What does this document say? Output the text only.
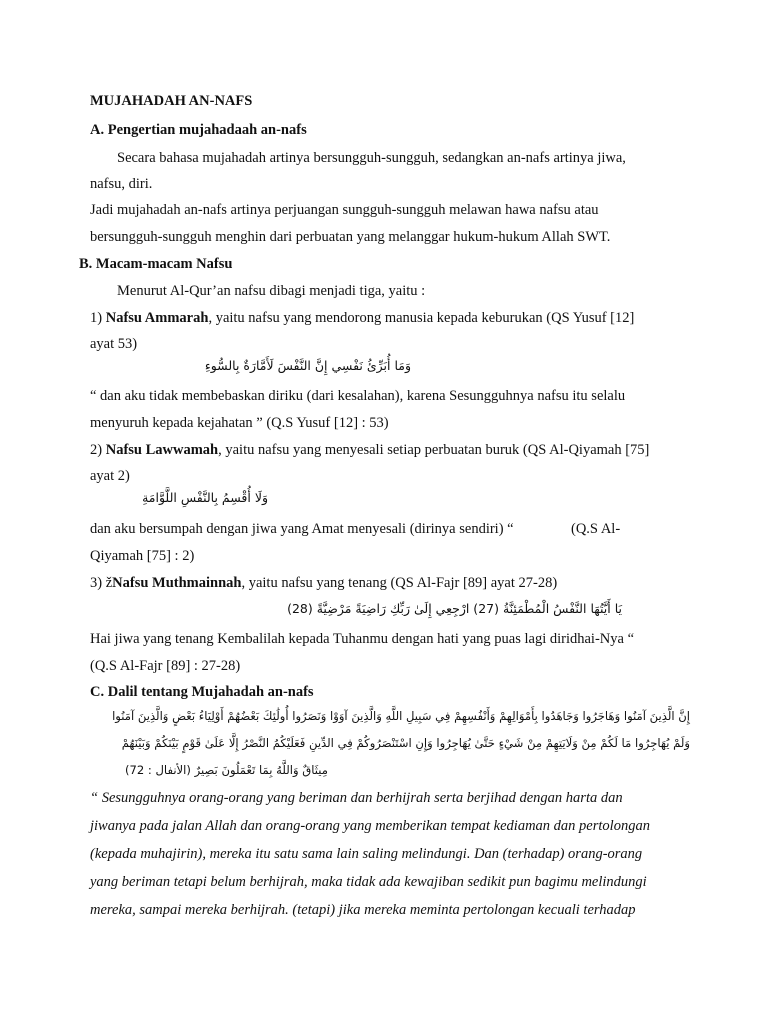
MUJAHADAH AN-NAFS
A. Pengertian mujahadaah an-nafs
Secara bahasa mujahadah artinya bersungguh-sungguh, sedangkan an-nafs artinya jiwa,
nafsu, diri.
Jadi mujahadah an-nafs artinya perjuangan sungguh-sungguh melawan hawa nafsu atau
bersungguh-sungguh menghin dari perbuatan yang melanggar hukum-hukum Allah SWT.
B. Macam-macam Nafsu
Menurut Al-Qur’an nafsu dibagi menjadi tiga, yaitu :
1) Nafsu Ammarah, yaitu nafsu yang mendorong manusia kepada keburukan (QS Yusuf [12]
ayat 53)
وَمَا أُبَرِّئُ نَفْسِي إِنَّ النَّفْسَ لَأَمَّارَةٌ بِالسُّوءِ
“ dan aku tidak membebaskan diriku (dari kesalahan), karena Sesungguhnya nafsu itu selalu
menyuruh kepada kejahatan ” (Q.S Yusuf [12] : 53)
2) Nafsu Lawwamah, yaitu nafsu yang menyesali setiap perbuatan buruk (QS Al-Qiyamah [75]
ayat 2)
وَلَا أُقْسِمُ بِالنَّفْسِ اللَّوَّامَةِ
dan aku bersumpah dengan jiwa yang Amat menyesali (dirinya sendiri) “	(Q.S Al-
Qiyamah [75] : 2)
3) žNafsu Muthmainnah, yaitu nafsu yang tenang (QS Al-Fajr [89] ayat 27-28)
يَا أَيَّتُهَا النَّفْسُ الْمُطْمَئِنَّةُ (27) ارْجِعِي إِلَىٰ رَبِّكِ رَاضِيَةً مَرْضِيَّةً (28)
Hai jiwa yang tenang Kembalilah kepada Tuhanmu dengan hati yang puas lagi diridhai-Nya “
(Q.S Al-Fajr [89] : 27-28)
C. Dalil tentang Mujahadah an-nafs
إِنَّ الَّذِينَ آمَنُوا وَهَاجَرُوا وَجَاهَدُوا بِأَمْوَالِهِمْ وَأَنْفُسِهِمْ فِي سَبِيلِ اللَّهِ وَالَّذِينَ آوَوْا وَنَصَرُوا أُولَٰئِكَ بَعْضُهُمْ أَوْلِيَاءُ بَعْضٍ وَالَّذِينَ آمَنُوا
وَلَمْ يُهَاجِرُوا مَا لَكُمْ مِنْ وَلَايَتِهِمْ مِنْ شَيْءٍ حَتَّىٰ يُهَاجِرُوا وَإِنِ اسْتَنْصَرُوكُمْ فِي الدِّينِ فَعَلَيْكُمُ النَّصْرُ إِلَّا عَلَىٰ قَوْمٍ بَيْنَكُمْ وَبَيْنَهُمْ
مِيثَاقٌ وَاللَّهُ بِمَا تَعْمَلُونَ بَصِيرٌ (الأنفال : 72)
“ Sesungguhnya orang-orang yang beriman dan berhijrah serta berjihad dengan harta dan
jiwanya pada jalan Allah dan orang-orang yang memberikan tempat kediaman dan pertolongan
(kepada muhajirin), mereka itu satu sama lain saling melindungi. Dan (terhadap) orang-orang
yang beriman tetapi belum berhijrah, maka tidak ada kewajiban sedikit pun bagimu melindungi
mereka, sampai mereka berhijrah. (tetapi) jika mereka meminta pertolongan kecuali terhadap
